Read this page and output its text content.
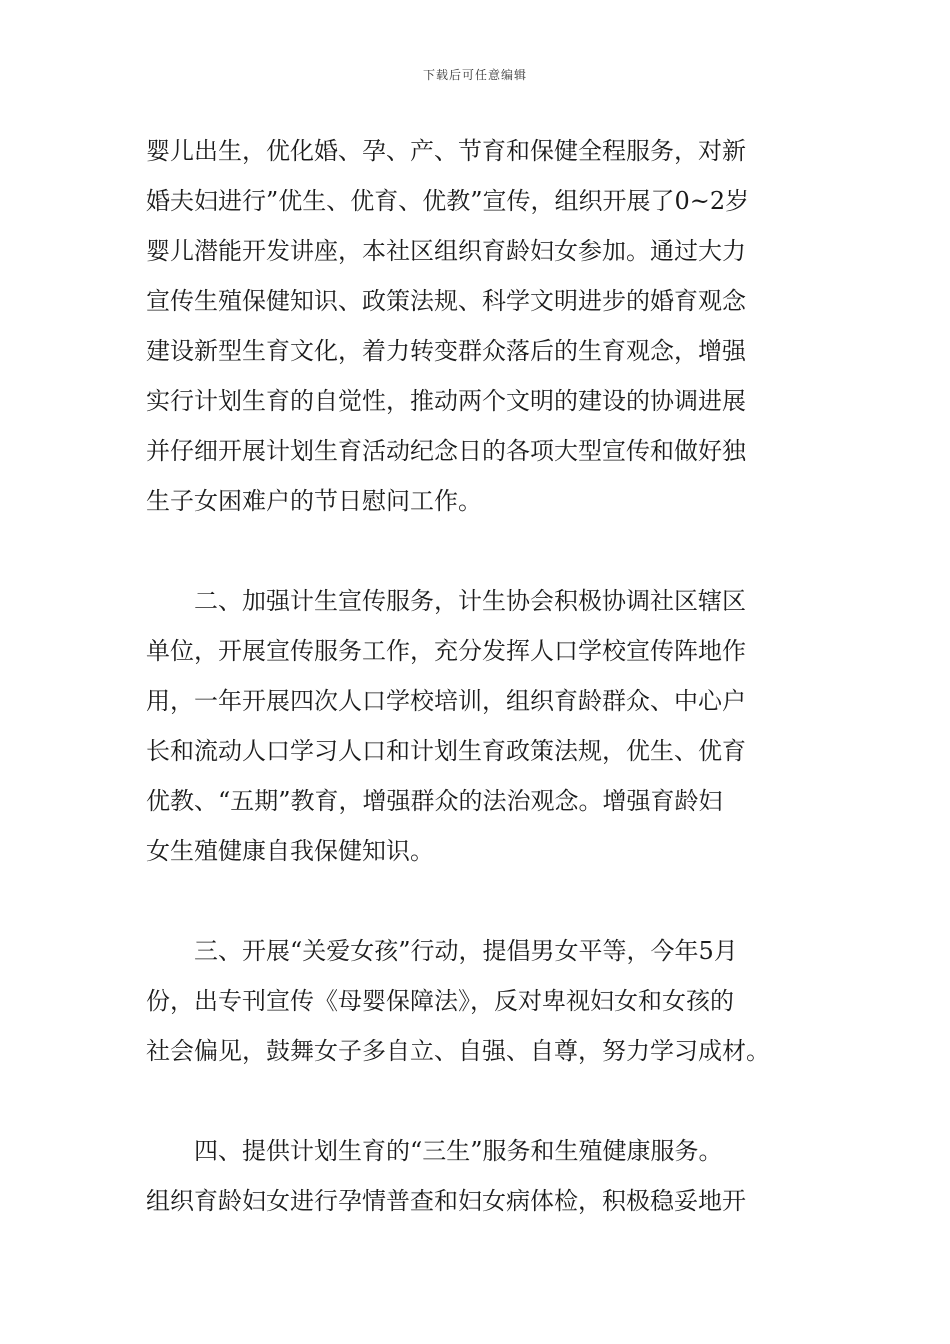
下载后可任意编辑
婴儿出生，优化婚、孕、产、节育和保健全程服务，对新
婚夫妇进行”优生、优育、优教”宣传，组织开展了0~2岁
婴儿潜能开发讲座，本社区组织育龄妇女参加。通过大力
宣传生殖保健知识、政策法规、科学文明进步的婚育观念
建设新型生育文化，着力转变群众落后的生育观念，增强
实行计划生育的自觉性，推动两个文明的建设的协调进展
并仔细开展计划生育活动纪念日的各项大型宣传和做好独
生子女困难户的节日慰问工作。
二、加强计生宣传服务，计生协会积极协调社区辖区
单位，开展宣传服务工作，充分发挥人口学校宣传阵地作
用，一年开展四次人口学校培训，组织育龄群众、中心户
长和流动人口学习人口和计划生育政策法规，优生、优育
优教、“五期”教育，增强群众的法治观念。增强育龄妇
女生殖健康自我保健知识。
三、开展“关爱女孩”行动，提倡男女平等，今年5月
份，出专刊宣传《母婴保障法》，反对卑视妇女和女孩的
社会偏见，鼓舞女子多自立、自强、自尊，努力学习成材。
四、提供计划生育的“三生”服务和生殖健康服务。
组织育龄妇女进行孕情普查和妇女病体检，积极稳妥地开
